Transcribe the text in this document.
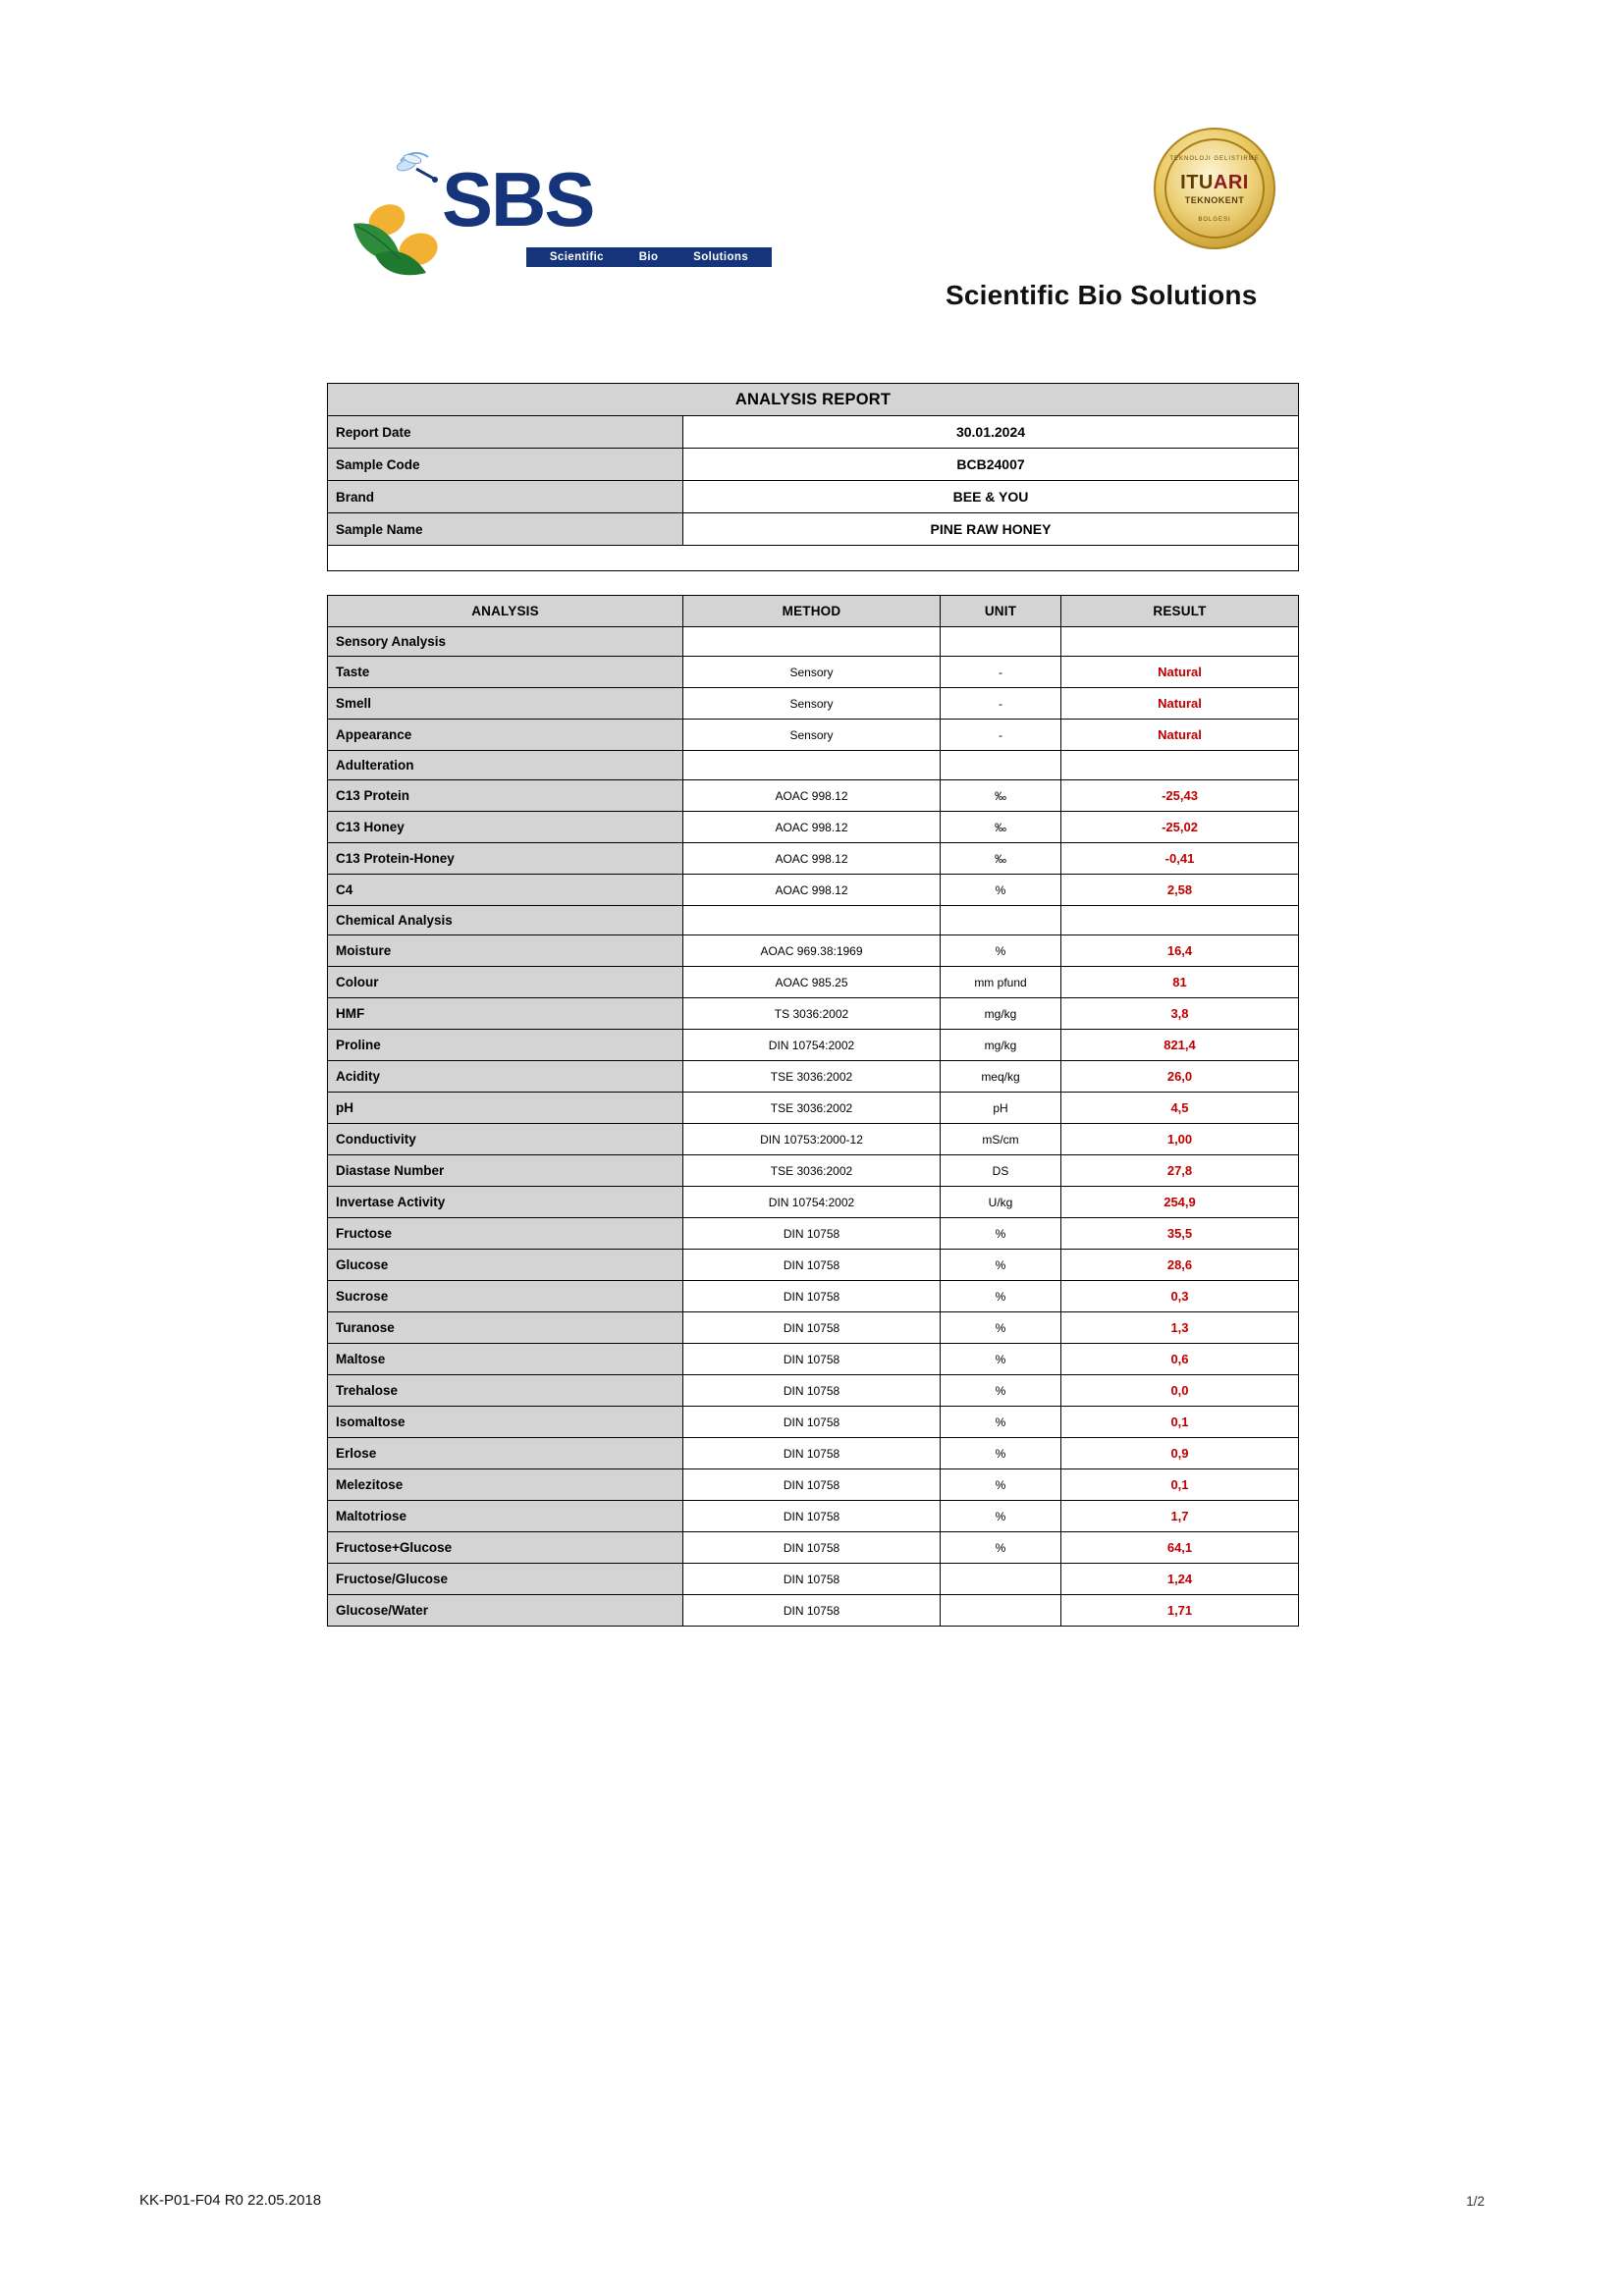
SBS
Scientific	Bio	Solutions
TEKNOLOJI GELISTIRME
ITUARI
TEKNOKENT
BOLGESI
Scientific Bio Solutions
ANALYSIS REPORT	
Report Date	30.01.2024
Sample Code	BCB24007
Brand	BEE & YOU
Sample Name	PINE RAW HONEY

ANALYSIS	METHOD	UNIT	RESULT
Sensory Analysis			
Taste	Sensory	-	Natural
Smell	Sensory	-	Natural
Appearance	Sensory	-	Natural
Adulteration			
C13 Protein	AOAC 998.12	‰	-25,43
C13 Honey	AOAC 998.12	‰	-25,02
C13 Protein-Honey	AOAC 998.12	‰	-0,41
C4	AOAC 998.12	%	2,58
Chemical Analysis			
Moisture	AOAC 969.38:1969	%	16,4
Colour	AOAC 985.25	mm pfund	81
HMF	TS 3036:2002	mg/kg	3,8
Proline	DIN 10754:2002	mg/kg	821,4
Acidity	TSE 3036:2002	meq/kg	26,0
pH	TSE 3036:2002	pH	4,5
Conductivity	DIN 10753:2000-12	mS/cm	1,00
Diastase Number	TSE 3036:2002	DS	27,8
Invertase Activity	DIN 10754:2002	U/kg	254,9
Fructose	DIN 10758	%	35,5
Glucose	DIN 10758	%	28,6
Sucrose	DIN 10758	%	0,3
Turanose	DIN 10758	%	1,3
Maltose	DIN 10758	%	0,6
Trehalose	DIN 10758	%	0,0
Isomaltose	DIN 10758	%	0,1
Erlose	DIN 10758	%	0,9
Melezitose	DIN 10758	%	0,1
Maltotriose	DIN 10758	%	1,7
Fructose+Glucose	DIN 10758	%	64,1
Fructose/Glucose	DIN 10758		1,24
Glucose/Water	DIN 10758		1,71
KK-P01-F04 R0 22.05.2018	1/2
